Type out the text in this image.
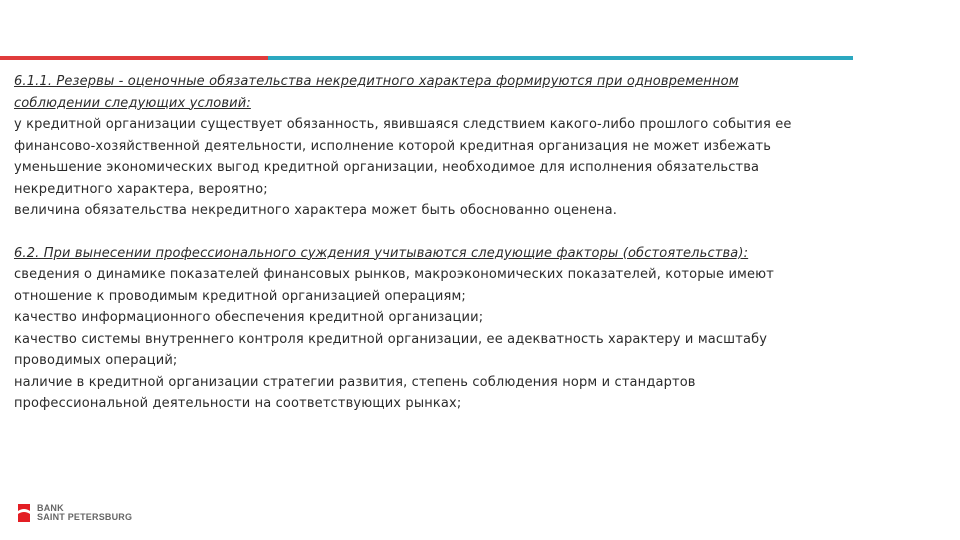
6.1.1. Резервы - оценочные обязательства некредитного характера формируются при одновременном
соблюдении следующих условий:
у кредитной организации существует обязанность, явившаяся следствием какого-либо прошлого события ее
финансово-хозяйственной деятельности, исполнение которой кредитная организация не может избежать
уменьшение экономических выгод кредитной организации, необходимое для исполнения обязательства
некредитного характера, вероятно;
величина обязательства некредитного характера может быть обоснованно оценена.
6.2. При вынесении профессионального суждения учитываются следующие факторы (обстоятельства):
сведения о динамике показателей финансовых рынков, макроэкономических показателей, которые имеют
отношение к проводимым кредитной организацией операциям;
качество информационного обеспечения кредитной организации;
качество системы внутреннего контроля кредитной организации, ее адекватность характеру и масштабу
проводимых операций;
наличие в кредитной организации стратегии развития, степень соблюдения норм и стандартов
профессиональной деятельности на соответствующих рынках;
BANK
SAINT PETERSBURG
